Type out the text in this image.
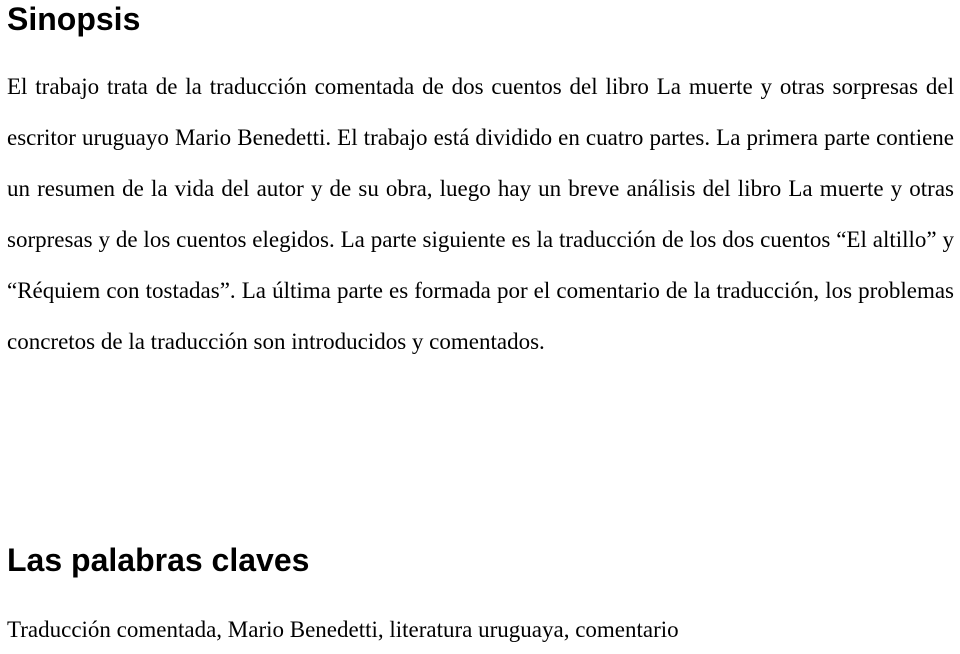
Sinopsis

El trabajo trata de la traducción comentada de dos cuentos del libro La muerte y otras sorpresas del escritor uruguayo Mario Benedetti. El trabajo está dividido en cuatro partes. La primera parte contiene un resumen de la vida del autor y de su obra, luego hay un breve análisis del libro La muerte y otras sorpresas y de los cuentos elegidos. La parte siguiente es la traducción de los dos cuentos “El altillo” y “Réquiem con tostadas”. La última parte es formada por el comentario de la traducción, los problemas concretos de la traducción son introducidos y comentados.

Las palabras claves

Traducción comentada, Mario Benedetti, literatura uruguaya, comentario
